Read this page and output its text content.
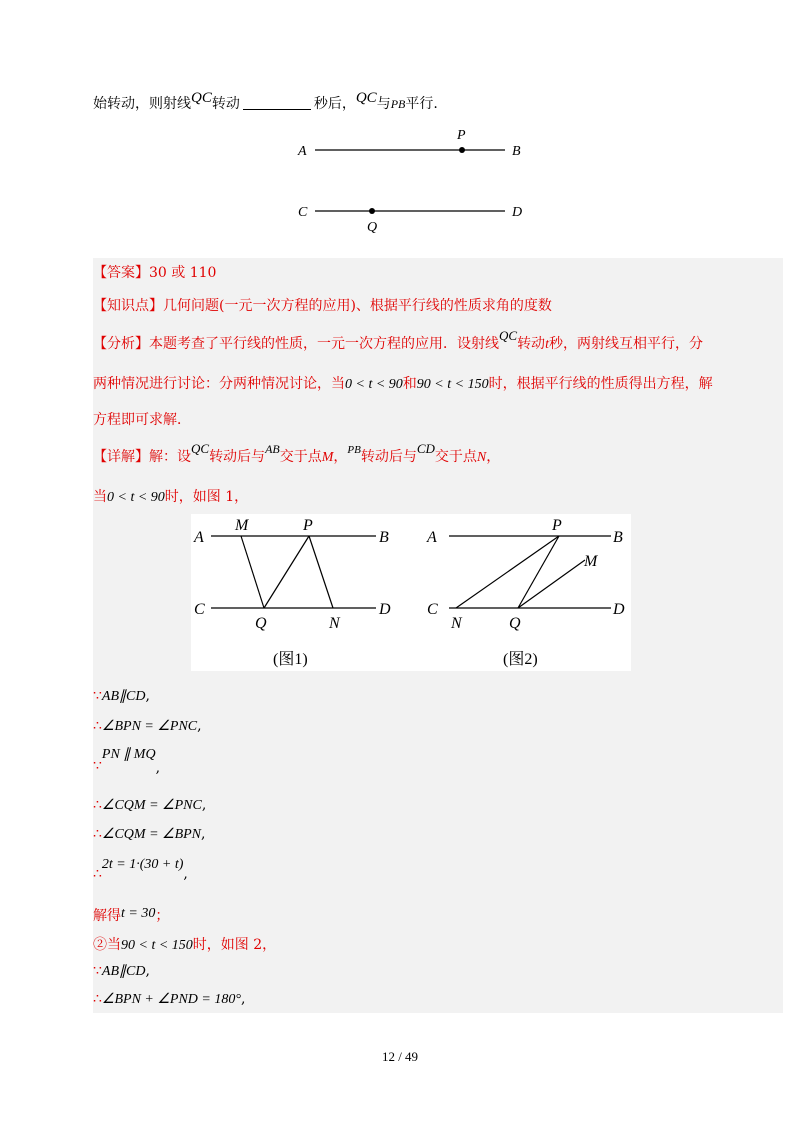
始转动，则射线QC转动	秒后，QC与PB平行.
A	B
P
C	D
Q
【答案】30 或 110
【知识点】几何问题(一元一次方程的应用)、根据平行线的性质求角的度数
【分析】本题考查了平行线的性质，一元一次方程的应用．设射线QC转动t秒，两射线互相平行，分
两种情况进行讨论：分两种情况讨论，当0 < t < 90和90 < t < 150时，根据平行线的性质得出方程，解
方程即可求解．
【详解】解：设QC转动后与AB交于点M，$^{PB}$转动后与CD交于点N，
当0 < t < 90时，如图 1，
A
M	P
B
C
Q	N
D
(图1)
A
P
B
M
C
N	Q
D
(图2)
∵AB∥CD,
∴∠BPN = ∠PNC,
∵PN ∥ MQ,
∴∠CQM = ∠PNC,
∴∠CQM = ∠BPN,
∴2t = 1·(30 + t),
解得t = 30；
②当90 < t < 150时，如图 2，
∵AB∥CD,
∴∠BPN + ∠PND = 180°,
12 / 49
